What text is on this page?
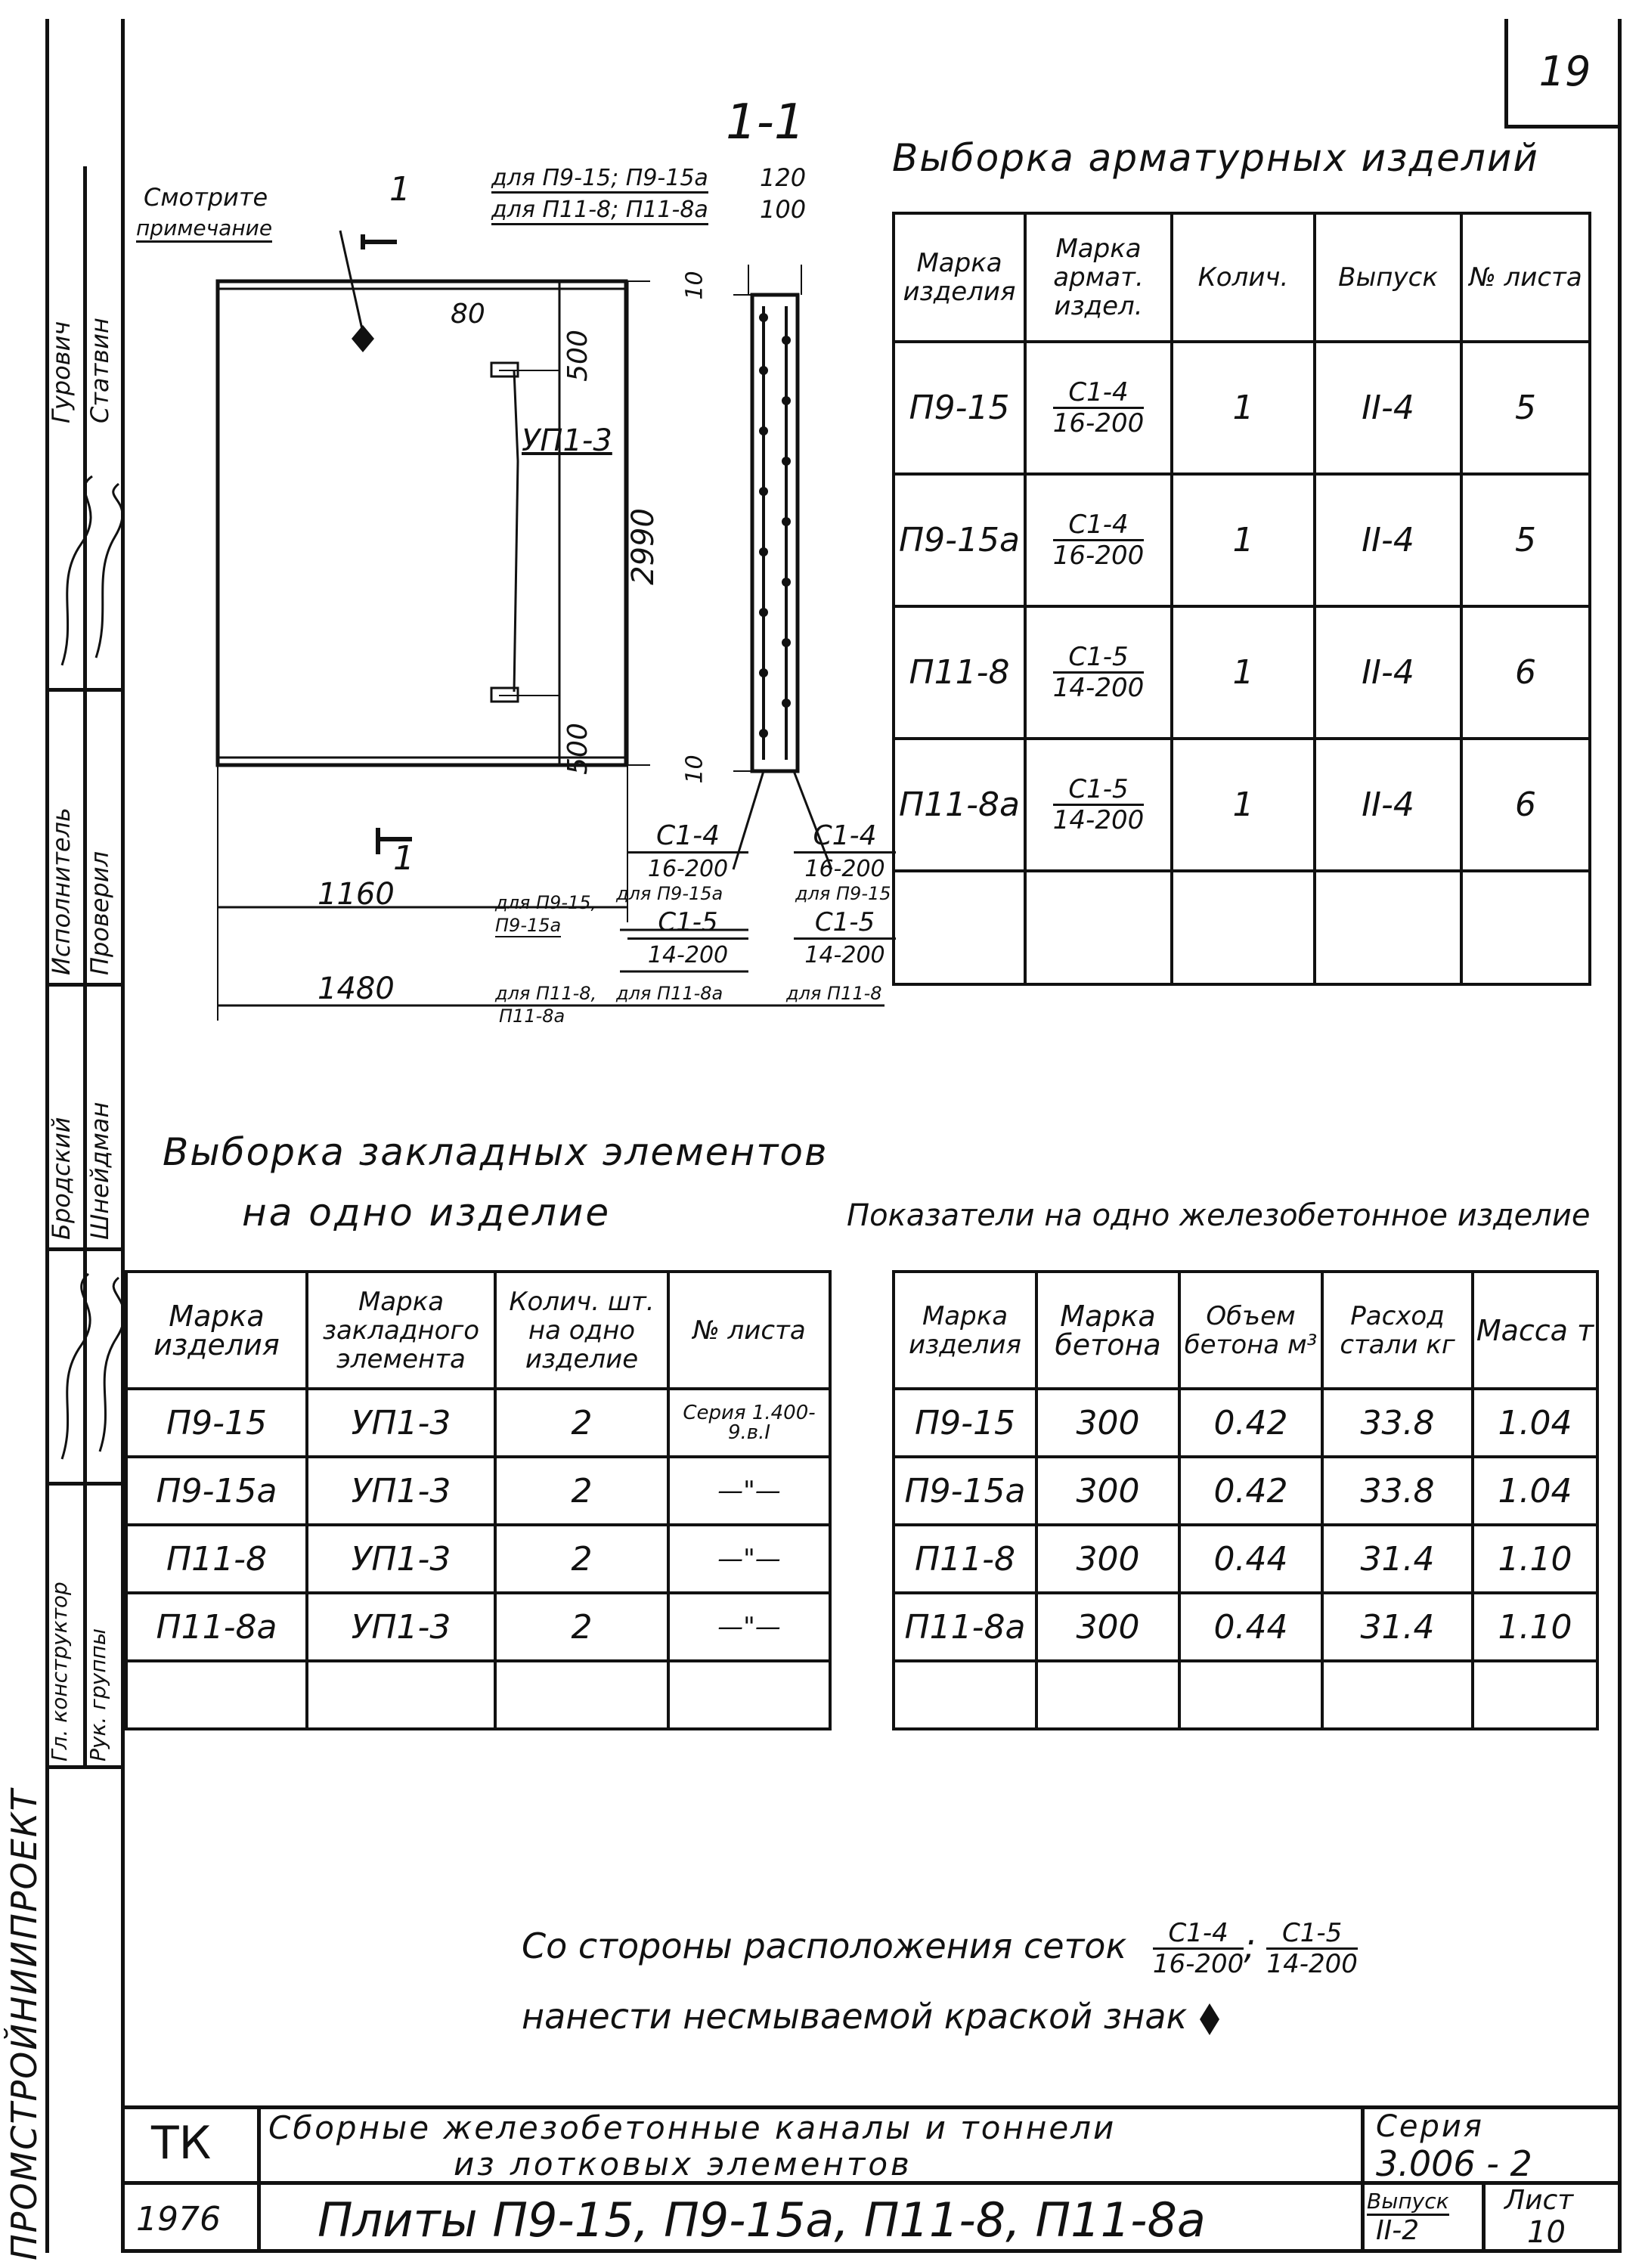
19
ПРОМСТРОЙНИИПРОЕКТ
Гл. конструктор Рук. группы
Исполнитель Проверил
Гурович Статвин
Бродский Шнейдман
1-1
Смотрите
примечание
1
1
для П9-15; П9-15а
для П11-8; П11-8а
120
100
80
500
2990
500
10
10
УП1-3
1160
1480
С1-4
16-200
для П9-15,
П9-15а
для П9-15а
С1-5
14-200
для П11-8,
П11-8а
для П11-8а
С1-4
16-200
для П9-15
С1-5
14-200
для П11-8
Выборка арматурных изделий
Марка изделия	Марка армат. издел.	Колич.	Выпуск	№ листа
П9-15	$\frac{С1-4}{16-200}$	1	II-4	5
П9-15а	$\frac{С1-4}{16-200}$	1	II-4	5
П11-8	$\frac{С1-5}{14-200}$	1	II-4	6
П11-8а	$\frac{С1-5}{14-200}$	1	II-4	6

Выборка закладных элементов
на одно изделие
Марка изделия	Марка закладного элемента	Колич. шт. на одно изделие	№ листа
П9-15	УП1-3	2	Серия 1.400-9.в.I
П9-15а	УП1-3	2	—"—
П11-8	УП1-3	2	—"—
П11-8а	УП1-3	2	—"—

Показатели на одно железобетонное изделие
Марка изделия	Марка бетона	Объем бетона м³	Расход стали кг	Масса т
П9-15	300	0.42	33.8	1.04
П9-15а	300	0.42	33.8	1.04
П11-8	300	0.44	31.4	1.10
П11-8а	300	0.44	31.4	1.10

Со стороны расположения сеток $\frac{С1-4}{16-200}$ ; $\frac{С1-5}{14-200}$
нанести несмываемой краской знак
ТК
1976
Сборные железобетонные каналы и тоннели
из лотковых элементов
Плиты П9-15, П9-15а, П11-8, П11-8а
Серия
3.006 - 2
Выпуск
II-2
Лист
10
